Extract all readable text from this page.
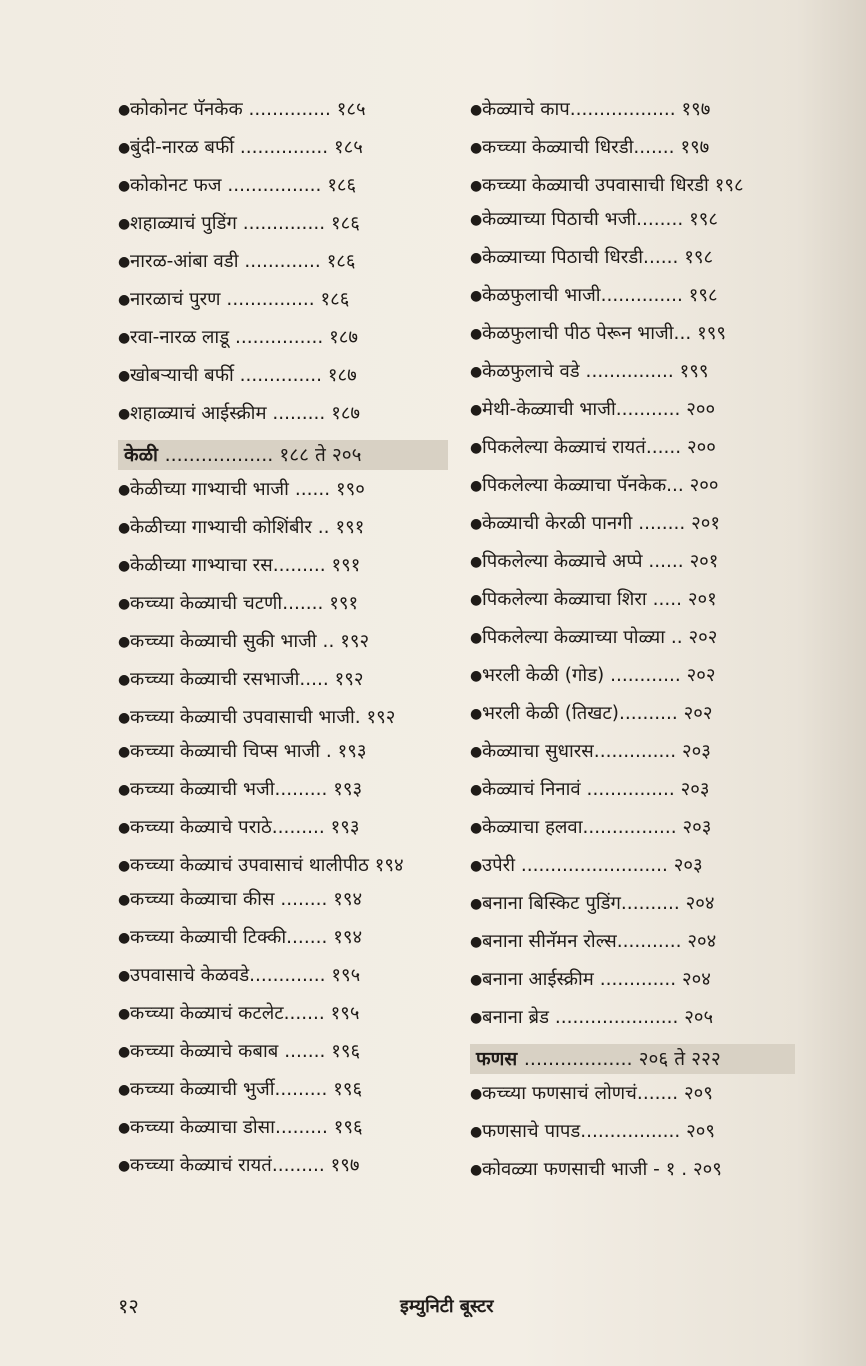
● कोकोनट पॅनकेक .............. १८५
● बुंदी-नारळ बर्फी ............... १८५
● कोकोनट फज ................ १८६
● शहाळ्याचं पुडिंग .............. १८६
● नारळ-आंबा वडी ............. १८६
● नारळाचं पुरण ............... १८६
● रवा-नारळ लाडू ............... १८७
● खोबऱ्याची बर्फी .............. १८७
● शहाळ्याचं आईस्क्रीम ......... १८७
केळी .................. १८८ ते २०५
● केळीच्या गाभ्याची भाजी ...... १९०
● केळीच्या गाभ्याची कोशिंबीर .. १९१
● केळीच्या गाभ्याचा रस......... १९१
● कच्च्या केळ्याची चटणी....... १९१
● कच्च्या केळ्याची सुकी भाजी .. १९२
● कच्च्या केळ्याची रसभाजी..... १९२
● कच्च्या केळ्याची उपवासाची भाजी. १९२
● कच्च्या केळ्याची चिप्स भाजी . १९३
● कच्च्या केळ्याची भजी......... १९३
● कच्च्या केळ्याचे पराठे......... १९३
● कच्च्या केळ्याचं उपवासाचं थालीपीठ १९४
● कच्च्या केळ्याचा कीस ........ १९४
● कच्च्या केळ्याची टिक्की....... १९४
● उपवासाचे केळवडे............. १९५
● कच्च्या केळ्याचं कटलेट....... १९५
● कच्च्या केळ्याचे कबाब ....... १९६
● कच्च्या केळ्याची भुर्जी......... १९६
● कच्च्या केळ्याचा डोसा......... १९६
● कच्च्या केळ्याचं रायतं......... १९७
● केळ्याचे काप.................. १९७
● कच्च्या केळ्याची धिरडी....... १९७
● कच्च्या केळ्याची उपवासाची धिरडी १९८
● केळ्याच्या पिठाची भजी........ १९८
● केळ्याच्या पिठाची धिरडी...... १९८
● केळफुलाची भाजी.............. १९८
● केळफुलाची पीठ पेरून भाजी... १९९
● केळफुलाचे वडे ............... १९९
● मेथी-केळ्याची भाजी........... २००
● पिकलेल्या केळ्याचं रायतं...... २००
● पिकलेल्या केळ्याचा पॅनकेक... २००
● केळ्याची केरळी पानगी ........ २०१
● पिकलेल्या केळ्याचे अप्पे ...... २०१
● पिकलेल्या केळ्याचा शिरा ..... २०१
● पिकलेल्या केळ्याच्या पोळ्या .. २०२
● भरली केळी (गोड) ............ २०२
● भरली केळी (तिखट).......... २०२
● केळ्याचा सुधारस.............. २०३
● केळ्याचं निनावं ............... २०३
● केळ्याचा हलवा................ २०३
● उपेरी ......................... २०३
● बनाना बिस्किट पुडिंग.......... २०४
● बनाना सीनॅमन रोल्स........... २०४
● बनाना आईस्क्रीम ............. २०४
● बनाना ब्रेड ..................... २०५
फणस .................. २०६ ते २२२
● कच्च्या फणसाचं लोणचं....... २०९
● फणसाचे पापड................. २०९
● कोवळ्या फणसाची भाजी - १ . २०९
१२	इम्युनिटी बूस्टर
